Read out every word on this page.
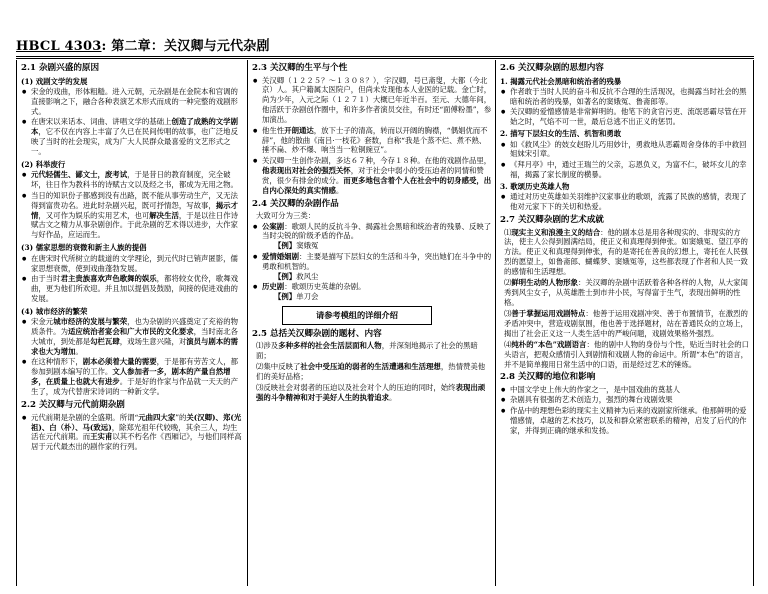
HBCL 4303: 第二章：关汉卿与元代杂剧
2.1 杂剧兴盛的原因
(1) 戏剧文学的发展
● 宋金的戏曲，形体粗糙。进入元朝，元杂剧是在金院本和官调的直接影响之下，融合各种表演艺术形式而成的一种完整的戏剧形式。
● 在唐宋以来话本、词曲、讲唱文学的基础上创造了成熟的文学剧本，它不仅在内容上丰富了久已在民间传唱的故事，也广泛地反映了当时的社会现实，成为广大人民群众最喜爱的文艺形式之一。
(2) 科举废行
● 元代轻儒生、鄙文士，废考试，于是昔日的教育制度，完全破坏，往日作为教科书的诗赋古文以及经之书，都成为无用之物。
● 当日的知识份子都感到没有出路，既不能从事劳动生产，又无法得到富贵功名。进此时杂剧兴起，既可抒情怨，写故事，揭示才情，又可作为娱乐的实用艺术，也可解决生活，于是以往日作诗赋古文之精力从事杂剧创作。于此杂剧的艺术得以进步，大作家与好作品，应运而生。
(3) 儒家思想的衰微和新主人族的提倡
● 在唐宋时代所树立的载道的文学理论，到元代时已销声匿影，儒家思想衰微，使到戏曲蓬勃发展。
● 由于当时君主贵族喜欢声色歌舞的娱乐，都将较女优伶，歌舞戏曲，更为他们所欢迎。并且加以提倡及鼓励，间接的促进戏曲的发展。
(4) 城市经济的繁荣
● 宋金元城市经济的发展与繁荣，也为杂剧的兴盛奠定了充裕的物质条件。为适应统治者宴会和广大市民的文化要求，当时南北各大城市，到处都是勾栏瓦肆，戏场生意兴隆，对演员与剧本的需求也大为增加。
● 在这种情形下，剧本必须着大量的需要，于是都有劳苦文人，都参加到剧本编写的工作。文人参加者一多，剧本的产量自然增多，在质量上也就大有进步。于是好的作家与作品就一天天的产生了，成为代替唐宋诗词的一种新文学。
2.2 关汉卿与元代前期杂剧
● 元代前期是杂剧的全盛期。所谓“元曲四大家”的关(汉卿)、郑(光祖)、白（朴）、马(致远)，除郑光祖年代较晚，其余三人，均生活在元代前期。而王实甫以其不朽名作《西厢记》，与他们同样高居于元代最杰出的剧作家的行列。
2.3 关汉卿的生平与个性
● 关汉卿（１２２５？～１３０８？），字汉卿，号已斋叟，大都（今北京）人。其户籍属太医院户，但尚未发现他本人业医的记载。金亡时，尚为少年，入元之际（１２７１）大概已年近半百。至元、大德年间，他活跃于杂剧创作圈中，和许多作者演员交往，有时还“面傅粉墨”，参加演出。
● 他生性开朗通达，放下士子的清高，转而以开阔的胸襟，“偶娼优而不辞”，他的散曲《南吕·一枝花》套数，自称“我是个蒸不烂、煮不熟、捶不扁、炒不爆、响当当一粒铜豌豆”。
● 关汉卿一生创作杂剧，多达６７种，今存１８种。在他的戏剧作品里，他表现出对社会的强烈关怀，对于社会中弱小的受压迫者的同情和赞赏，很少有排金的成分。而更多地包含着个人在社会中的切身感受，出自内心深处的真实情感。
2.4 关汉卿的杂剧作品
大致可分为三类：
● 公案剧：歌颂人民的反抗斗争、揭露社会黑暗和统治者的残暴、反映了当时尖锐的阶级矛盾的作品。
【例】窦娥冤
● 爱情婚姻剧：主要是描写下层妇女的生活和斗争，突出她们在斗争中的勇敢和机智的。
【例】救风尘
● 历史剧：歌颂历史英雄的杂剧。
【例】单刀会
请参考模组的详细介绍
2.5 总括关汉卿杂剧的题材、内容
⑴涉及多种多样的社会生活层面和人物，并深刻地揭示了社会的黑暗面；
⑵集中反映了社会中受压迫的弱者的生活遭遇和生活理想，热情赞美他们的美好品格；
⑶反映社会对弱者的压迫以及社会对个人的压迫的同时，始终表现出顽强的斗争精神和对于美好人生的执着追求。
2.6 关汉卿杂剧的思想内容
1. 揭露元代社会黑暗和统治者的残暴
● 作者敢于当时人民的奋斗和反抗不合理的生活现况，也揭露当时社会的黑暗和统治者的残暴，如著名的窦娥冤、鲁斋郎等。
● 关汉卿的爱憎感情是非常鲜明的。他笔下的贪官污吏、流氓恶霸尽管在开始之时，气焰不可一世，最后总逃不出正义的惩罚。
2. 描写下层妇女的生活、机智和勇敢
● 如《救风尘》的妓女赵盼儿巧用妙计，勇救地从恶霸周舍身体的手中救回姐妹宋引章。
● 《拜月亭》中，通过王瑞兰的父亲，忘恩负义，为富不仁，破坏女儿的幸福，揭露了家长制度的横暴。
3. 歌颂历史英雄人物
● 通过对历史英雄如关羽维护汉家事业的歌颂，流露了民族的感情，表现了他对元家下下的关切和热爱。
2.7 关汉卿杂剧的艺术成就
⑴现实主义和浪漫主义的结合：他的剧本总是用各种现实的、非现实的方法，使主人公得到圆满结局，使正义和真理得到伸张。如窦娥冤、望江亭的方法。使正义和真理得到伸张，有的是寄托在善良的幻想上，寄托在人民强烈的愿望上，如鲁斋郎、蝴蝶梦、窦娥冤等，这些都表现了作者和人民一致的感情和生活理想。
⑵鲜明生动的人物形象：关汉卿的杂剧中活跃着各种各样的人物，从大家闺秀到风尘女子，从英雄胜士到市井小民，写得富于生气，表现出鲜明的性格。
⑶善于掌握运用戏剧特点：他善于运用戏剧冲突、善于布置情节，在激烈的矛盾冲突中，营造戏剧氛围，他也善于选择题材，站在普通民众的立场上，揭出了社会正义这一人类生活中的严峻问题，戏剧效果格外强烈。
⑷纯朴的“本色”戏剧语言：他的剧中人物的身份与个性，贴近当时社会的口头语言，把观众感情引入到剧情和戏剧人物的命运中。所谓“本色”的语言，并不是简单搬用日常生活中的口语，而是经过艺术的锤炼。
2.8 关汉卿的地位和影响
● 中国文学史上伟大的作家之一，是中国戏曲的奠基人
● 杂剧具有很强的艺术创造力，强烈的舞台戏剧效果
● 作品中的理想色彩的现实主义精神为后来的戏剧家所继承。他那鲜明的爱憎感情，卓越的艺术技巧，以及和群众紧密联系的精神，启发了后代的作家，并得到正确的继承和发扬。
